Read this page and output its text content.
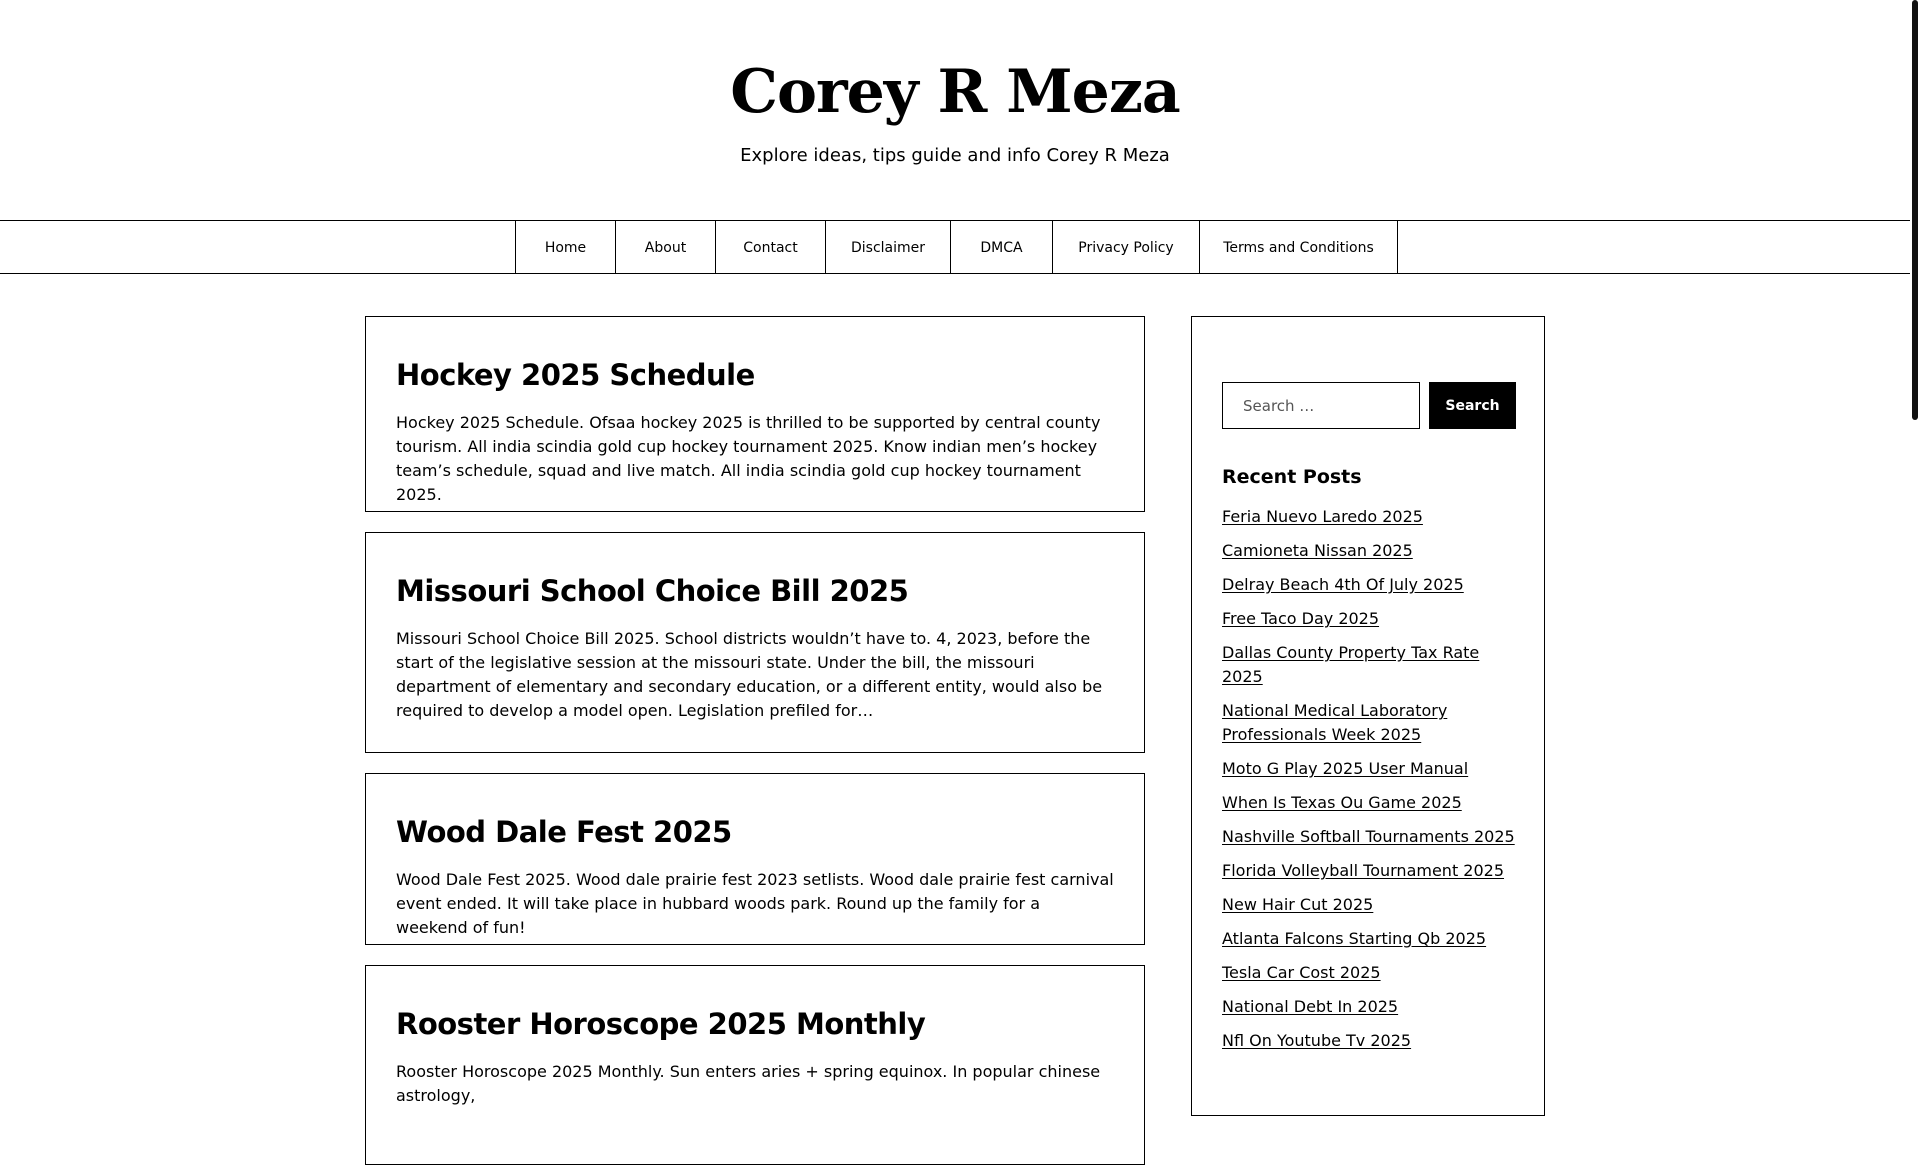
Corey R Meza

Explore ideas, tips guide and info Corey R Meza

Home	About	Contact	Disclaimer	DMCA	Privacy Policy	Terms and Conditions
Hockey 2025 Schedule

Hockey 2025 Schedule. Ofsaa hockey 2025 is thrilled to be supported by central county tourism. All india scindia gold cup hockey tournament 2025. Know indian men’s hockey team’s schedule, squad and live match. All india scindia gold cup hockey tournament 2025.

Missouri School Choice Bill 2025

Missouri School Choice Bill 2025. School districts wouldn’t have to. 4, 2023, before the start of the legislative session at the missouri state. Under the bill, the missouri department of elementary and secondary education, or a different entity, would also be required to develop a model open. Legislation prefiled for…

Wood Dale Fest 2025

Wood Dale Fest 2025. Wood dale prairie fest 2023 setlists. Wood dale prairie fest carnival event ended. It will take place in hubbard woods park. Round up the family for a weekend of fun!

Rooster Horoscope 2025 Monthly

Rooster Horoscope 2025 Monthly. Sun enters aries + spring equinox. In popular chinese astrology,

Search …
Search
Recent Posts
Feria Nuevo Laredo 2025
Camioneta Nissan 2025
Delray Beach 4th Of July 2025
Free Taco Day 2025
Dallas County Property Tax Rate 2025
National Medical Laboratory Professionals Week 2025
Moto G Play 2025 User Manual
When Is Texas Ou Game 2025
Nashville Softball Tournaments 2025
Florida Volleyball Tournament 2025
New Hair Cut 2025
Atlanta Falcons Starting Qb 2025
Tesla Car Cost 2025
National Debt In 2025
Nfl On Youtube Tv 2025
